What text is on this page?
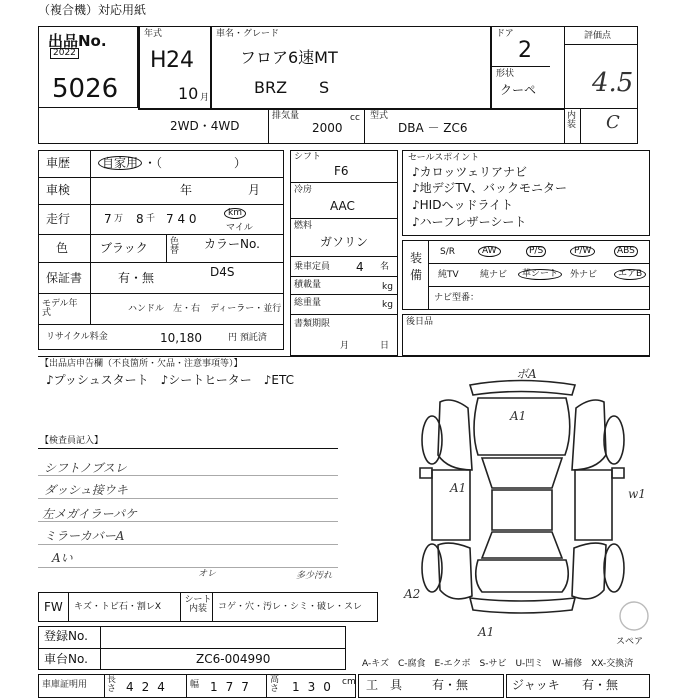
（複合機）対応用紙
出品No.
2022
5026
年式
H 24
10 月
車名・グレード
フロア6速MT
BRZ　　S
ドア
2
形状
クーペ
評価点
4.5
内装 C
2WD・4WD
排気量
2000
cc 型式
DBA － ZC6
車歴	自家用 ・（　　　　　　）
車検	年	月
走行	7 万 8 千 7 4 0	km
マイル
色	ブラック 色替 カラーNo.
保証書	有・無	D4S
モデル年式	ハンドル　左・右 ディーラー・並行
リサイクル料金	10,180	円 預託済
シフト
F6
冷房
AAC
燃料
ガソリン
乗車定員 4 名
積載量	kg
総重量	kg
書類期限
月	日
セールスポイント
♪カロッツェリアナビ
♪地デジTV、バックモニター
♪HIDヘッドライト
♪ハーフレザーシート
装備
S/R	AW	P/S	P/W	ABS
純TV 純ナビ	革シート	外ナビ	エアB
ナビ型番：
後日品
【出品店申告欄（不良箇所・欠品・注意事項等）】
♪プッシュスタート　♪シートヒーター　♪ETC
【検査員記入】
シフトノブスレ
ダッシュ接ウキ
左メガイラーパケ
ミラーカバーA
Aい
ボA
A1
A1	w1
A2
A1
スペア
オレ	多少汚れ
FW キズ・トビ石・割レX
シート内装	コゲ・穴・汚レ・シミ・破レ・スレ
登録No.
車台No.	ZC6-004990	A-キズ　C-腐食　E-エクボ　S-サビ　U-凹ミ　W-補修　XX-交換済
車庫証明用 長さ 424 幅 177 高さ 130 cm 工　具 有・無	ジャッキ 有・無
